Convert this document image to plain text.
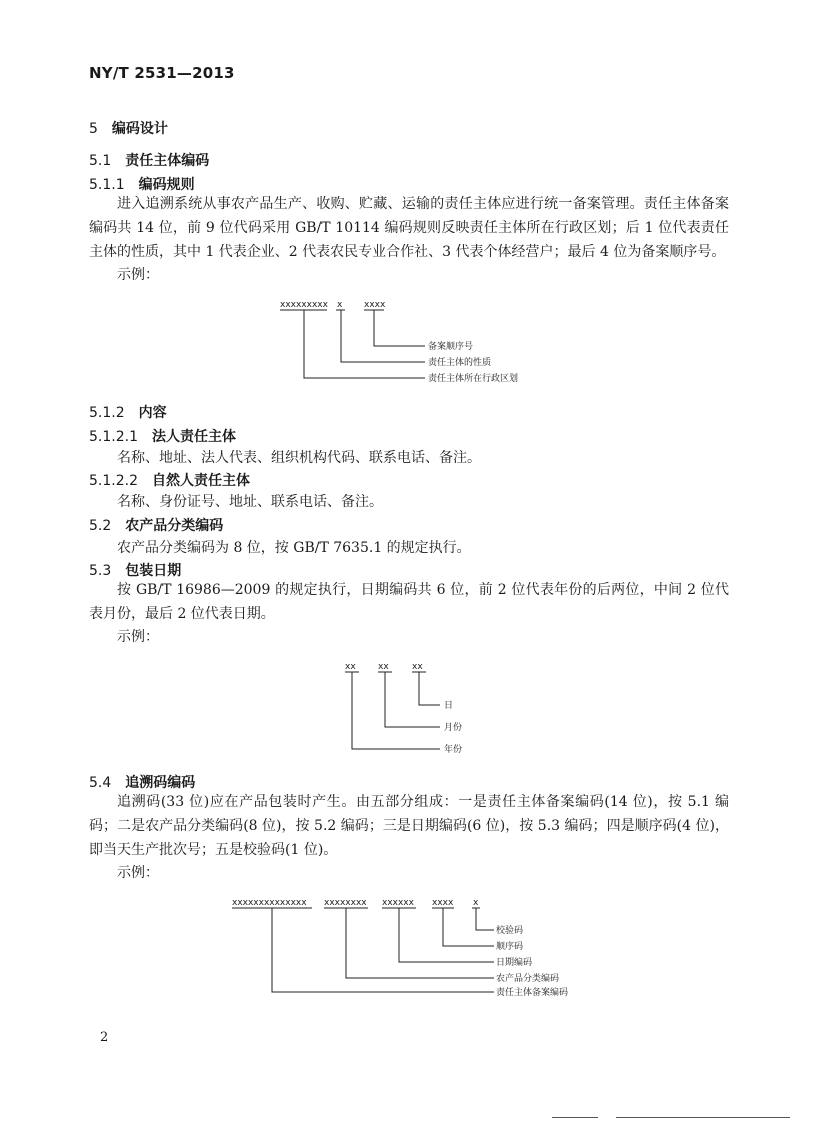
NY/T 2531—2013
5 编码设计
5.1 责任主体编码
5.1.1 编码规则
进入追溯系统从事农产品生产、收购、贮藏、运输的责任主体应进行统一备案管理。责任主体备案编码共 14 位，前 9 位代码采用 GB/T 10114 编码规则反映责任主体所在行政区划；后 1 位代表责任主体的性质，其中 1 代表企业、2 代表农民专业合作社、3 代表个体经营户；最后 4 位为备案顺序号。
示例：
xxxxxxxxx x xxxx
备案顺序号
责任主体的性质
责任主体所在行政区划
5.1.2 内容
5.1.2.1 法人责任主体
名称、地址、法人代表、组织机构代码、联系电话、备注。
5.1.2.2 自然人责任主体
名称、身份证号、地址、联系电话、备注。
5.2 农产品分类编码
农产品分类编码为 8 位，按 GB/T 7635.1 的规定执行。
5.3 包装日期
按 GB/T 16986—2009 的规定执行，日期编码共 6 位，前 2 位代表年份的后两位，中间 2 位代表月份，最后 2 位代表日期。
示例：
xx xx	xx
日
月份
年份
5.4 追溯码编码
追溯码(33 位)应在产品包装时产生。由五部分组成：一是责任主体备案编码(14 位)，按 5.1 编码；二是农产品分类编码(8 位)，按 5.2 编码；三是日期编码(6 位)，按 5.3 编码；四是顺序码(4 位)，即当天生产批次号；五是校验码(1 位)。
示例：
xxxxxxxxxxxxxx xxxxxxxx xxxxxx xxxx x
校验码
顺序码
日期编码
农产品分类编码
责任主体备案编码
2
